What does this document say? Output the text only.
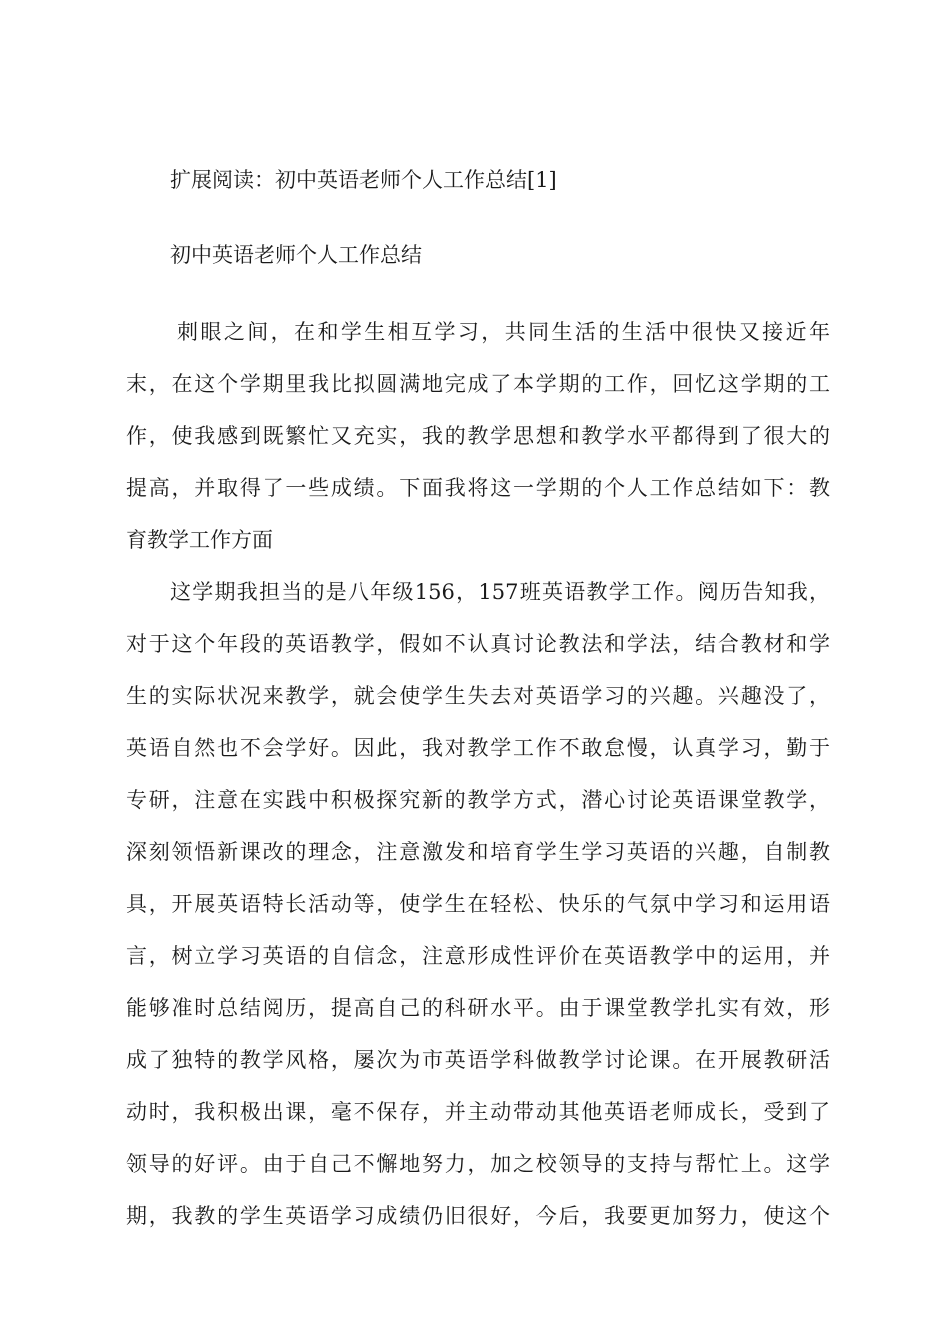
扩展阅读：初中英语老师个人工作总结[1]

初中英语老师个人工作总结

刺眼之间，在和学生相互学习，共同生活的生活中很快又接近年

末，在这个学期里我比拟圆满地完成了本学期的工作，回忆这学期的工

作，使我感到既繁忙又充实，我的教学思想和教学水平都得到了很大的

提高，并取得了一些成绩。下面我将这一学期的个人工作总结如下：教

育教学工作方面

这学期我担当的是八年级156，157班英语教学工作。阅历告知我，

对于这个年段的英语教学，假如不认真讨论教法和学法，结合教材和学

生的实际状况来教学，就会使学生失去对英语学习的兴趣。兴趣没了，

英语自然也不会学好。因此，我对教学工作不敢怠慢，认真学习，勤于

专研，注意在实践中积极探究新的教学方式，潜心讨论英语课堂教学，

深刻领悟新课改的理念，注意激发和培育学生学习英语的兴趣，自制教

具，开展英语特长活动等，使学生在轻松、快乐的气氛中学习和运用语

言，树立学习英语的自信念，注意形成性评价在英语教学中的运用，并

能够准时总结阅历，提高自己的科研水平。由于课堂教学扎实有效，形

成了独特的教学风格，屡次为市英语学科做教学讨论课。在开展教研活

动时，我积极出课，毫不保存，并主动带动其他英语老师成长，受到了

领导的好评。由于自己不懈地努力，加之校领导的支持与帮忙上。这学

期，我教的学生英语学习成绩仍旧很好，今后，我要更加努力，使这个
